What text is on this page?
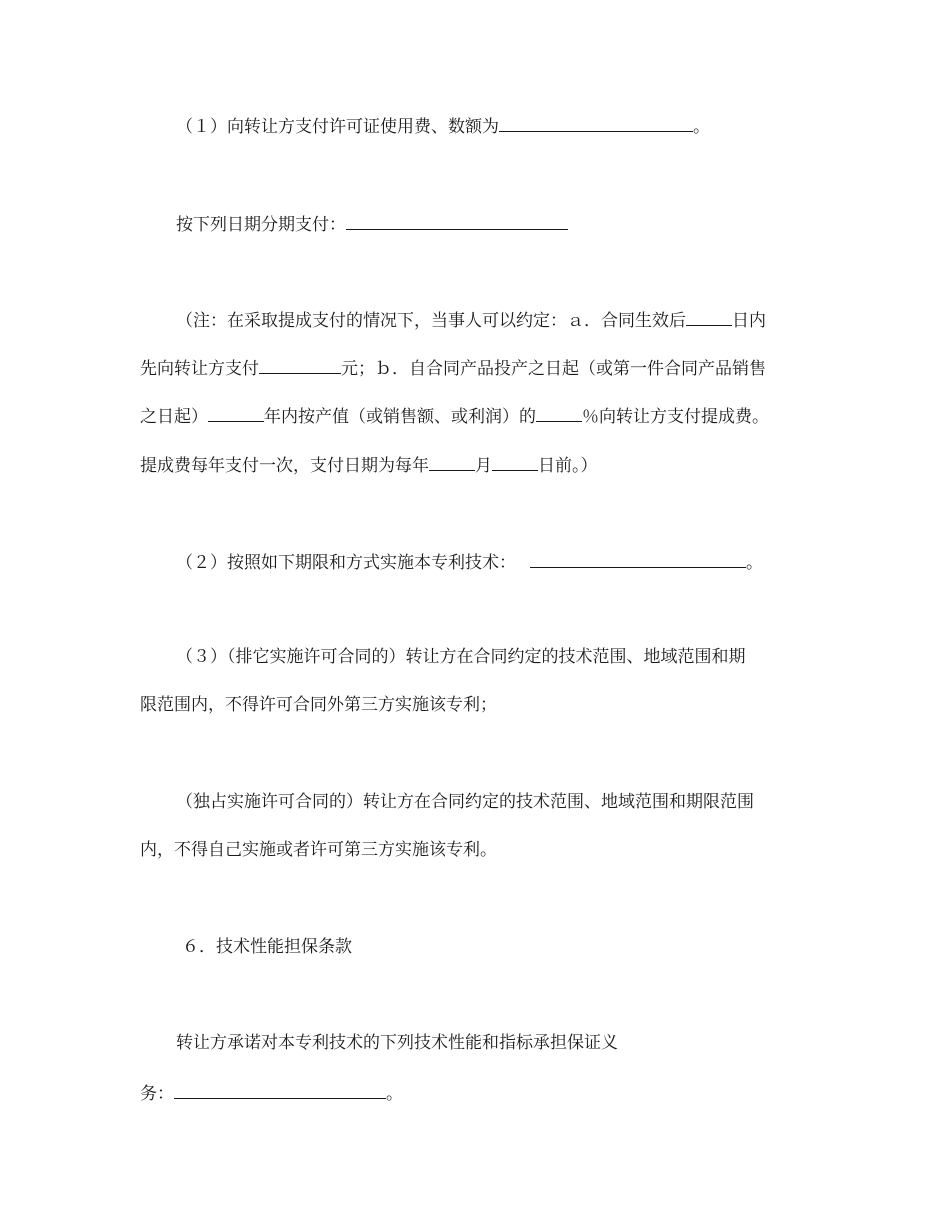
（１）向转让方支付许可证使用费、数额为	。
按下列日期分期支付：
（注：在采取提成支付的情况下，当事人可以约定：ａ．合同生效后	日内
先向转让方支付	元；ｂ．自合同产品投产之日起（或第一件合同产品销售
之日起）	年内按产值（或销售额、或利润）的	％向转让方支付提成费。
提成费每年支付一次，支付日期为每年	月	日前。）
（２）按照如下期限和方式实施本专利技术：	。
（３）（排它实施许可合同的）转让方在合同约定的技术范围、地域范围和期
限范围内，不得许可合同外第三方实施该专利；
（独占实施许可合同的）转让方在合同约定的技术范围、地域范围和期限范围
内，不得自己实施或者许可第三方实施该专利。
６．技术性能担保条款
转让方承诺对本专利技术的下列技术性能和指标承担保证义
务：	。
